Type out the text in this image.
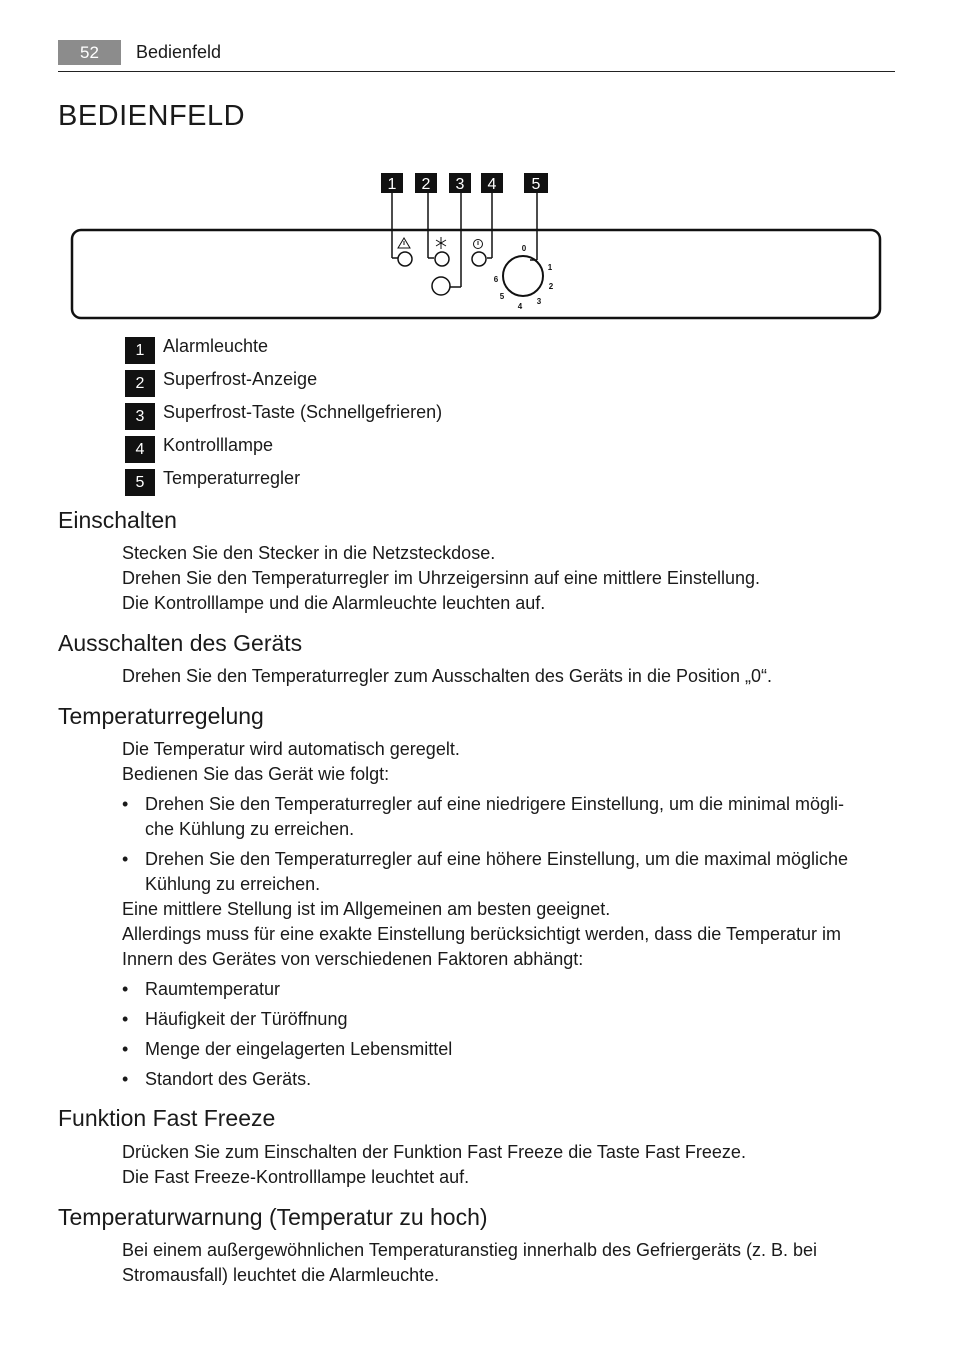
52	Bedienfeld
BEDIENFELD
1 2 3 4 5
0
1
2
3
4
5
6
1	Alarmleuchte
2	Superfrost-Anzeige
3	Superfrost-Taste (Schnellgefrieren)
4	Kontrolllampe
5	Temperaturregler
Einschalten
Stecken Sie den Stecker in die Netzsteckdose.
Drehen Sie den Temperaturregler im Uhrzeigersinn auf eine mittlere Einstellung.
Die Kontrolllampe und die Alarmleuchte leuchten auf.
Ausschalten des Geräts
Drehen Sie den Temperaturregler zum Ausschalten des Geräts in die Position „0“.
Temperaturregelung
Die Temperatur wird automatisch geregelt.
Bedienen Sie das Gerät wie folgt:
• Drehen Sie den Temperaturregler auf eine niedrigere Einstellung, um die minimal mögli-
che Kühlung zu erreichen.
• Drehen Sie den Temperaturregler auf eine höhere Einstellung, um die maximal mögliche
Kühlung zu erreichen.
Eine mittlere Stellung ist im Allgemeinen am besten geeignet.
Allerdings muss für eine exakte Einstellung berücksichtigt werden, dass die Temperatur im
Innern des Gerätes von verschiedenen Faktoren abhängt:
• Raumtemperatur
• Häufigkeit der Türöffnung
• Menge der eingelagerten Lebensmittel
• Standort des Geräts.
Funktion Fast Freeze
Drücken Sie zum Einschalten der Funktion Fast Freeze die Taste Fast Freeze.
Die Fast Freeze-Kontrolllampe leuchtet auf.
Temperaturwarnung (Temperatur zu hoch)
Bei einem außergewöhnlichen Temperaturanstieg innerhalb des Gefriergeräts (z. B. bei
Stromausfall) leuchtet die Alarmleuchte.
